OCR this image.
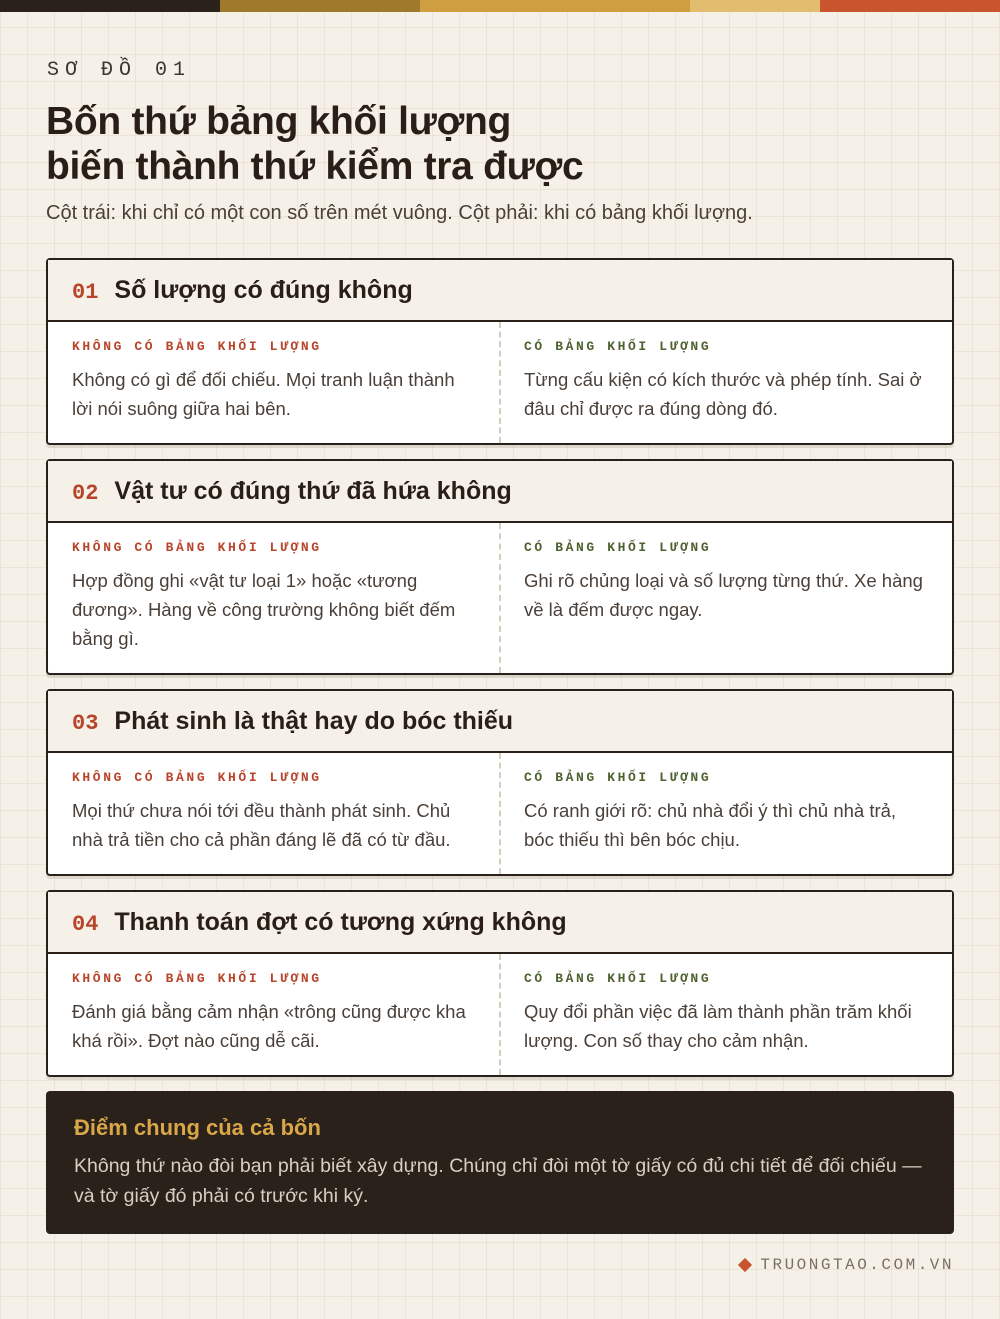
SƠ ĐỒ 01
Bốn thứ bảng khối lượng
biến thành thứ kiểm tra được

Cột trái: khi chỉ có một con số trên mét vuông. Cột phải: khi có bảng khối lượng.

01 Số lượng có đúng không
KHÔNG CÓ BẢNG KHỐI LƯỢNG
Không có gì để đối chiếu. Mọi tranh luận thành lời nói suông giữa hai bên.
CÓ BẢNG KHỐI LƯỢNG
Từng cấu kiện có kích thước và phép tính. Sai ở đâu chỉ được ra đúng dòng đó.
02 Vật tư có đúng thứ đã hứa không
KHÔNG CÓ BẢNG KHỐI LƯỢNG
Hợp đồng ghi «vật tư loại 1» hoặc «tương đương». Hàng về công trường không biết đếm bằng gì.
CÓ BẢNG KHỐI LƯỢNG
Ghi rõ chủng loại và số lượng từng thứ. Xe hàng về là đếm được ngay.
03 Phát sinh là thật hay do bóc thiếu
KHÔNG CÓ BẢNG KHỐI LƯỢNG
Mọi thứ chưa nói tới đều thành phát sinh. Chủ nhà trả tiền cho cả phần đáng lẽ đã có từ đầu.
CÓ BẢNG KHỐI LƯỢNG
Có ranh giới rõ: chủ nhà đổi ý thì chủ nhà trả, bóc thiếu thì bên bóc chịu.
04 Thanh toán đợt có tương xứng không
KHÔNG CÓ BẢNG KHỐI LƯỢNG
Đánh giá bằng cảm nhận «trông cũng được kha khá rồi». Đợt nào cũng dễ cãi.
CÓ BẢNG KHỐI LƯỢNG
Quy đổi phần việc đã làm thành phần trăm khối lượng. Con số thay cho cảm nhận.
Điểm chung của cả bốn
Không thứ nào đòi bạn phải biết xây dựng. Chúng chỉ đòi một tờ giấy có đủ chi tiết để đối chiếu — và tờ giấy đó phải có trước khi ký.
TRUONGTAO.COM.VN
